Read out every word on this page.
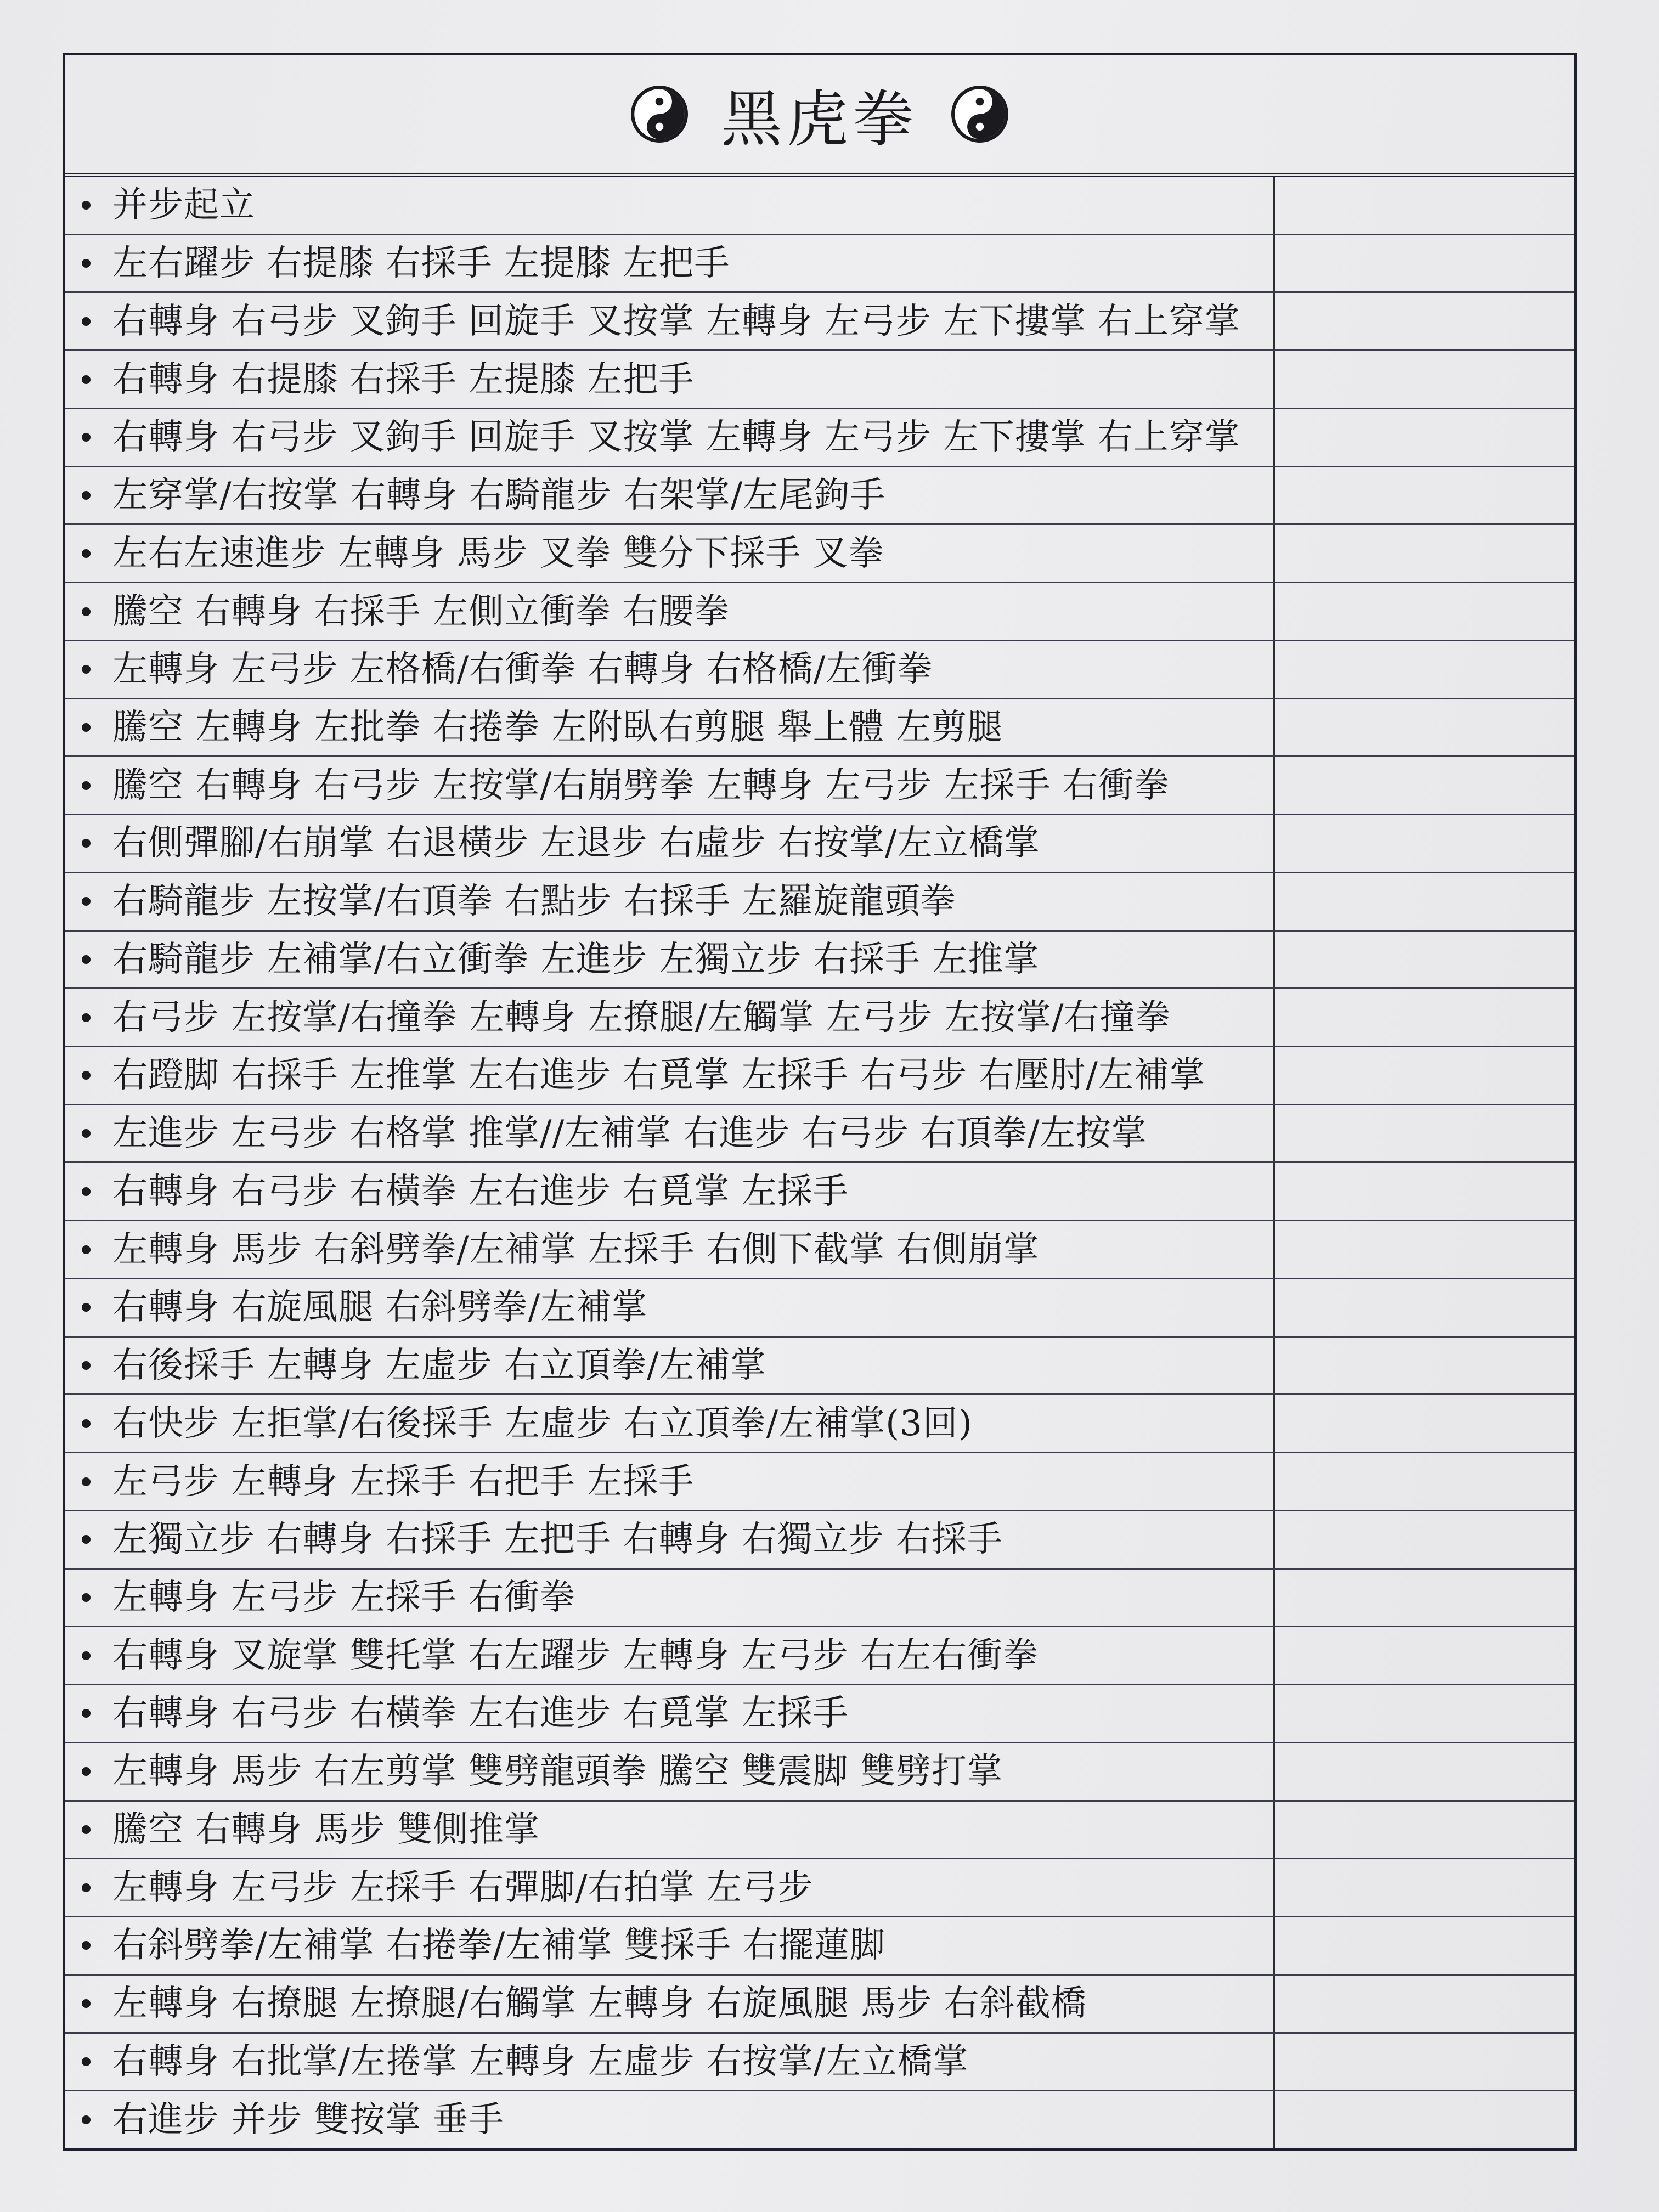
黑虎拳
并步起立
左右躍步 右提膝 右採手 左提膝 左把手
右轉身 右弓步 叉鉤手 回旋手 叉按掌 左轉身 左弓步 左下摟掌 右上穿掌
右轉身 右提膝 右採手 左提膝 左把手
右轉身 右弓步 叉鉤手 回旋手 叉按掌 左轉身 左弓步 左下摟掌 右上穿掌
左穿掌/右按掌 右轉身 右騎龍步 右架掌/左尾鉤手
左右左速進步 左轉身 馬步 叉拳 雙分下採手 叉拳
騰空 右轉身 右採手 左側立衝拳 右腰拳
左轉身 左弓步 左格橋/右衝拳 右轉身 右格橋/左衝拳
騰空 左轉身 左批拳 右捲拳 左附臥右剪腿 舉上體 左剪腿
騰空 右轉身 右弓步 左按掌/右崩劈拳 左轉身 左弓步 左採手 右衝拳
右側彈腳/右崩掌 右退橫步 左退步 右虛步 右按掌/左立橋掌
右騎龍步 左按掌/右頂拳 右點步 右採手 左羅旋龍頭拳
右騎龍步 左補掌/右立衝拳 左進步 左獨立步 右採手 左推掌
右弓步 左按掌/右撞拳 左轉身 左撩腿/左觸掌 左弓步 左按掌/右撞拳
右蹬脚 右採手 左推掌 左右進步 右覓掌 左採手 右弓步 右壓肘/左補掌
左進步 左弓步 右格掌 推掌//左補掌 右進步 右弓步 右頂拳/左按掌
右轉身 右弓步 右橫拳 左右進步 右覓掌 左採手
左轉身 馬步 右斜劈拳/左補掌 左採手 右側下截掌 右側崩掌
右轉身 右旋風腿 右斜劈拳/左補掌
右後採手 左轉身 左虛步 右立頂拳/左補掌
右快步 左拒掌/右後採手 左虛步 右立頂拳/左補掌(3回)
左弓步 左轉身 左採手 右把手 左採手
左獨立步 右轉身 右採手 左把手 右轉身 右獨立步 右採手
左轉身 左弓步 左採手 右衝拳
右轉身 叉旋掌 雙托掌 右左躍步 左轉身 左弓步 右左右衝拳
右轉身 右弓步 右橫拳 左右進步 右覓掌 左採手
左轉身 馬步 右左剪掌 雙劈龍頭拳 騰空 雙震脚 雙劈打掌
騰空 右轉身 馬步 雙側推掌
左轉身 左弓步 左採手 右彈脚/右拍掌 左弓步
右斜劈拳/左補掌 右捲拳/左補掌 雙採手 右擺蓮脚
左轉身 右撩腿 左撩腿/右觸掌 左轉身 右旋風腿 馬步 右斜截橋
右轉身 右批掌/左捲掌 左轉身 左虛步 右按掌/左立橋掌
右進步 并步 雙按掌 垂手
